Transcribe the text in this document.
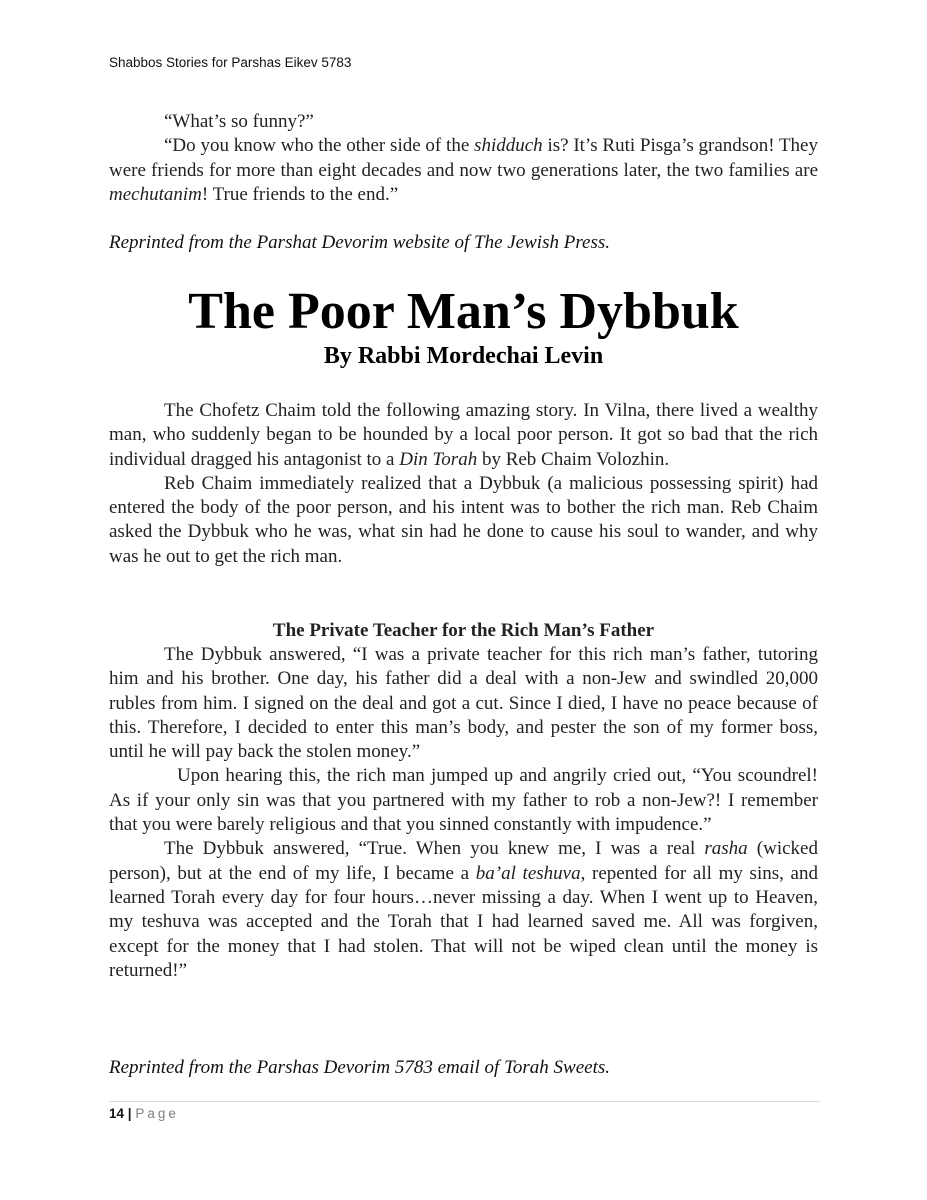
Shabbos Stories for Parshas Eikev 5783

“What’s so funny?”

“Do you know who the other side of the shidduch is? It’s Ruti Pisga’s grandson! They were friends for more than eight decades and now two generations later, the two families are mechutanim! True friends to the end.”

Reprinted from the Parshat Devorim website of The Jewish Press.
The Poor Man’s Dybbuk
By Rabbi Mordechai Levin

The Chofetz Chaim told the following amazing story. In Vilna, there lived a wealthy man, who suddenly began to be hounded by a local poor person. It got so bad that the rich individual dragged his antagonist to a Din Torah by Reb Chaim Volozhin.

Reb Chaim immediately realized that a Dybbuk (a malicious possessing spirit) had entered the body of the poor person, and his intent was to bother the rich man. Reb Chaim asked the Dybbuk who he was, what sin had he done to cause his soul to wander, and why was he out to get the rich man.

The Private Teacher for the Rich Man’s Father

The Dybbuk answered, “I was a private teacher for this rich man’s father, tutoring him and his brother. One day, his father did a deal with a non-Jew and swindled 20,000 rubles from him. I signed on the deal and got a cut. Since I died, I have no peace because of this. Therefore, I decided to enter this man’s body, and pester the son of my former boss, until he will pay back the stolen money.”

Upon hearing this, the rich man jumped up and angrily cried out, “You scoundrel! As if your only sin was that you partnered with my father to rob a non-Jew?! I remember that you were barely religious and that you sinned constantly with impudence.”

The Dybbuk answered, “True. When you knew me, I was a real rasha (wicked person), but at the end of my life, I became a ba’al teshuva, repented for all my sins, and learned Torah every day for four hours…never missing a day. When I went up to Heaven, my teshuva was accepted and the Torah that I had learned saved me. All was forgiven, except for the money that I had stolen. That will not be wiped clean until the money is returned!”

Reprinted from the Parshas Devorim 5783 email of Torah Sweets.
14 | Page
